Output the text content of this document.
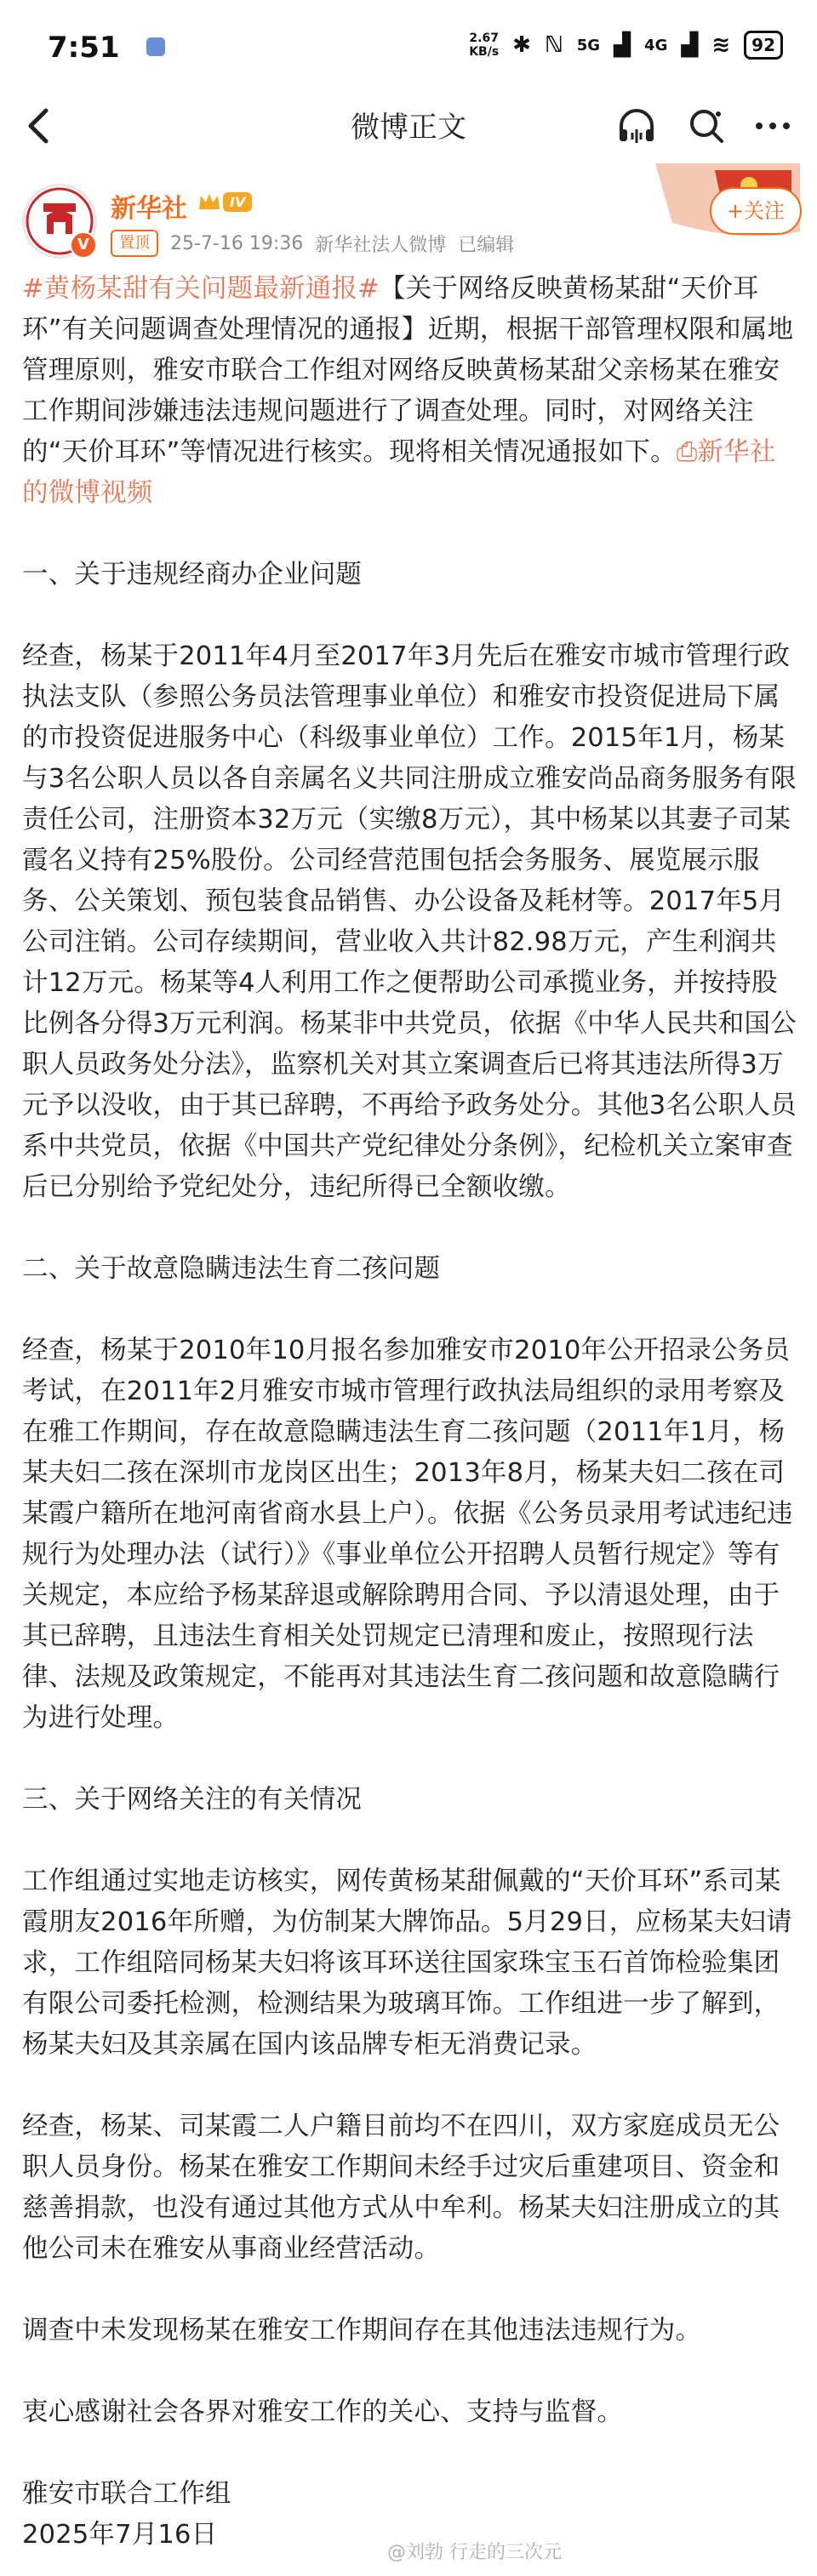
7:51	2.67
KB/s ✱ ℕ 5G ▟ 4G ▟ ≋	92
微博正文
V
新华社	IV
置顶	25-7-16 19:36 新华社法人微博 已编辑
+关注

#黄杨某甜有关问题最新通报#【关于网络反映黄杨某甜“天价耳环”有关问题调查处理情况的通报】近期，根据干部管理权限和属地管理原则，雅安市联合工作组对网络反映黄杨某甜父亲杨某在雅安工作期间涉嫌违法违规问题进行了调查处理。同时，对网络关注的“天价耳环”等情况进行核实。现将相关情况通报如下。⎙新华社的微博视频

一、关于违规经商办企业问题

经查，杨某于2011年4月至2017年3月先后在雅安市城市管理行政执法支队（参照公务员法管理事业单位）和雅安市投资促进局下属的市投资促进服务中心（科级事业单位）工作。2015年1月，杨某与3名公职人员以各自亲属名义共同注册成立雅安尚品商务服务有限责任公司，注册资本32万元（实缴8万元），其中杨某以其妻子司某霞名义持有25%股份。公司经营范围包括会务服务、展览展示服务、公关策划、预包装食品销售、办公设备及耗材等。2017年5月公司注销。公司存续期间，营业收入共计82.98万元，产生利润共计12万元。杨某等4人利用工作之便帮助公司承揽业务，并按持股比例各分得3万元利润。杨某非中共党员，依据《中华人民共和国公职人员政务处分法》，监察机关对其立案调查后已将其违法所得3万元予以没收，由于其已辞聘，不再给予政务处分。其他3名公职人员系中共党员，依据《中国共产党纪律处分条例》，纪检机关立案审查后已分别给予党纪处分，违纪所得已全额收缴。

二、关于故意隐瞒违法生育二孩问题

经查，杨某于2010年10月报名参加雅安市2010年公开招录公务员考试，在2011年2月雅安市城市管理行政执法局组织的录用考察及在雅工作期间，存在故意隐瞒违法生育二孩问题（2011年1月，杨某夫妇二孩在深圳市龙岗区出生；2013年8月，杨某夫妇二孩在司某霞户籍所在地河南省商水县上户）。依据《公务员录用考试违纪违规行为处理办法（试行）》《事业单位公开招聘人员暂行规定》等有关规定，本应给予杨某辞退或解除聘用合同、予以清退处理，由于其已辞聘，且违法生育相关处罚规定已清理和废止，按照现行法律、法规及政策规定，不能再对其违法生育二孩问题和故意隐瞒行为进行处理。

三、关于网络关注的有关情况

工作组通过实地走访核实，网传黄杨某甜佩戴的“天价耳环”系司某霞朋友2016年所赠，为仿制某大牌饰品。5月29日，应杨某夫妇请求，工作组陪同杨某夫妇将该耳环送往国家珠宝玉石首饰检验集团有限公司委托检测，检测结果为玻璃耳饰。工作组进一步了解到，杨某夫妇及其亲属在国内该品牌专柜无消费记录。

经查，杨某、司某霞二人户籍目前均不在四川，双方家庭成员无公职人员身份。杨某在雅安工作期间未经手过灾后重建项目、资金和慈善捐款，也没有通过其他方式从中牟利。杨某夫妇注册成立的其他公司未在雅安从事商业经营活动。

调查中未发现杨某在雅安工作期间存在其他违法违规行为。

衷心感谢社会各界对雅安工作的关心、支持与监督。

雅安市联合工作组

2025年7月16日

@刘勃 行走的三次元
